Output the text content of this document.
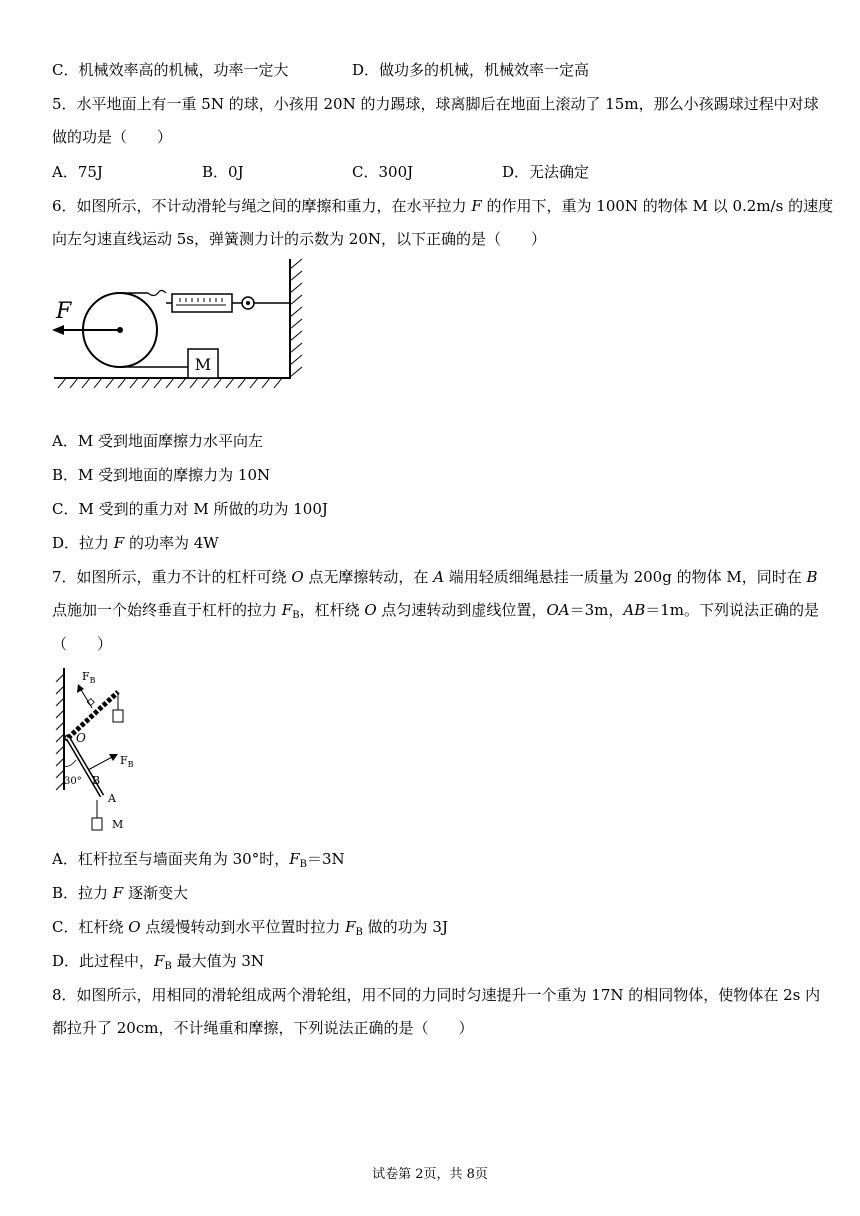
C．机械效率高的机械，功率一定大	D．做功多的机械，机械效率一定高
5．水平地面上有一重 5N 的球，小孩用 20N 的力踢球，球离脚后在地面上滚动了 15m，那么小孩踢球过程中对球
做的功是（　　）
A．75J	B．0J	C．300J	D．无法确定
6．如图所示，不计动滑轮与绳之间的摩擦和重力，在水平拉力 F 的作用下，重为 100N 的物体 M 以 0.2m/s 的速度
向左匀速直线运动 5s，弹簧测力计的示数为 20N，以下正确的是（　　）
F
M
A．M 受到地面摩擦力水平向左
B．M 受到地面的摩擦力为 10N
C．M 受到的重力对 M 所做的功为 100J
D．拉力 F 的功率为 4W
7．如图所示，重力不计的杠杆可绕 O 点无摩擦转动，在 A 端用轻质细绳悬挂一质量为 200g 的物体 M，同时在 B
点施加一个始终垂直于杠杆的拉力 $F_B$，杠杆绕 O 点匀速转动到虚线位置，OA＝3m，AB＝1m。下列说法正确的是
（　　）
O
$F_B$
30°
$F_B$
B
A
M
A．杠杆拉至与墙面夹角为 30°时，$F_B=3N$
B．拉力 F 逐渐变大
C．杠杆绕 O 点缓慢转动到水平位置时拉力 $F_B$ 做的功为 3J
D．此过程中，$F_B$ 最大值为 3N
8．如图所示，用相同的滑轮组成两个滑轮组，用不同的力同时匀速提升一个重为 17N 的相同物体，使物体在 2s 内
都拉升了 20cm，不计绳重和摩擦，下列说法正确的是（　　）
试卷第 2页，共 8页
